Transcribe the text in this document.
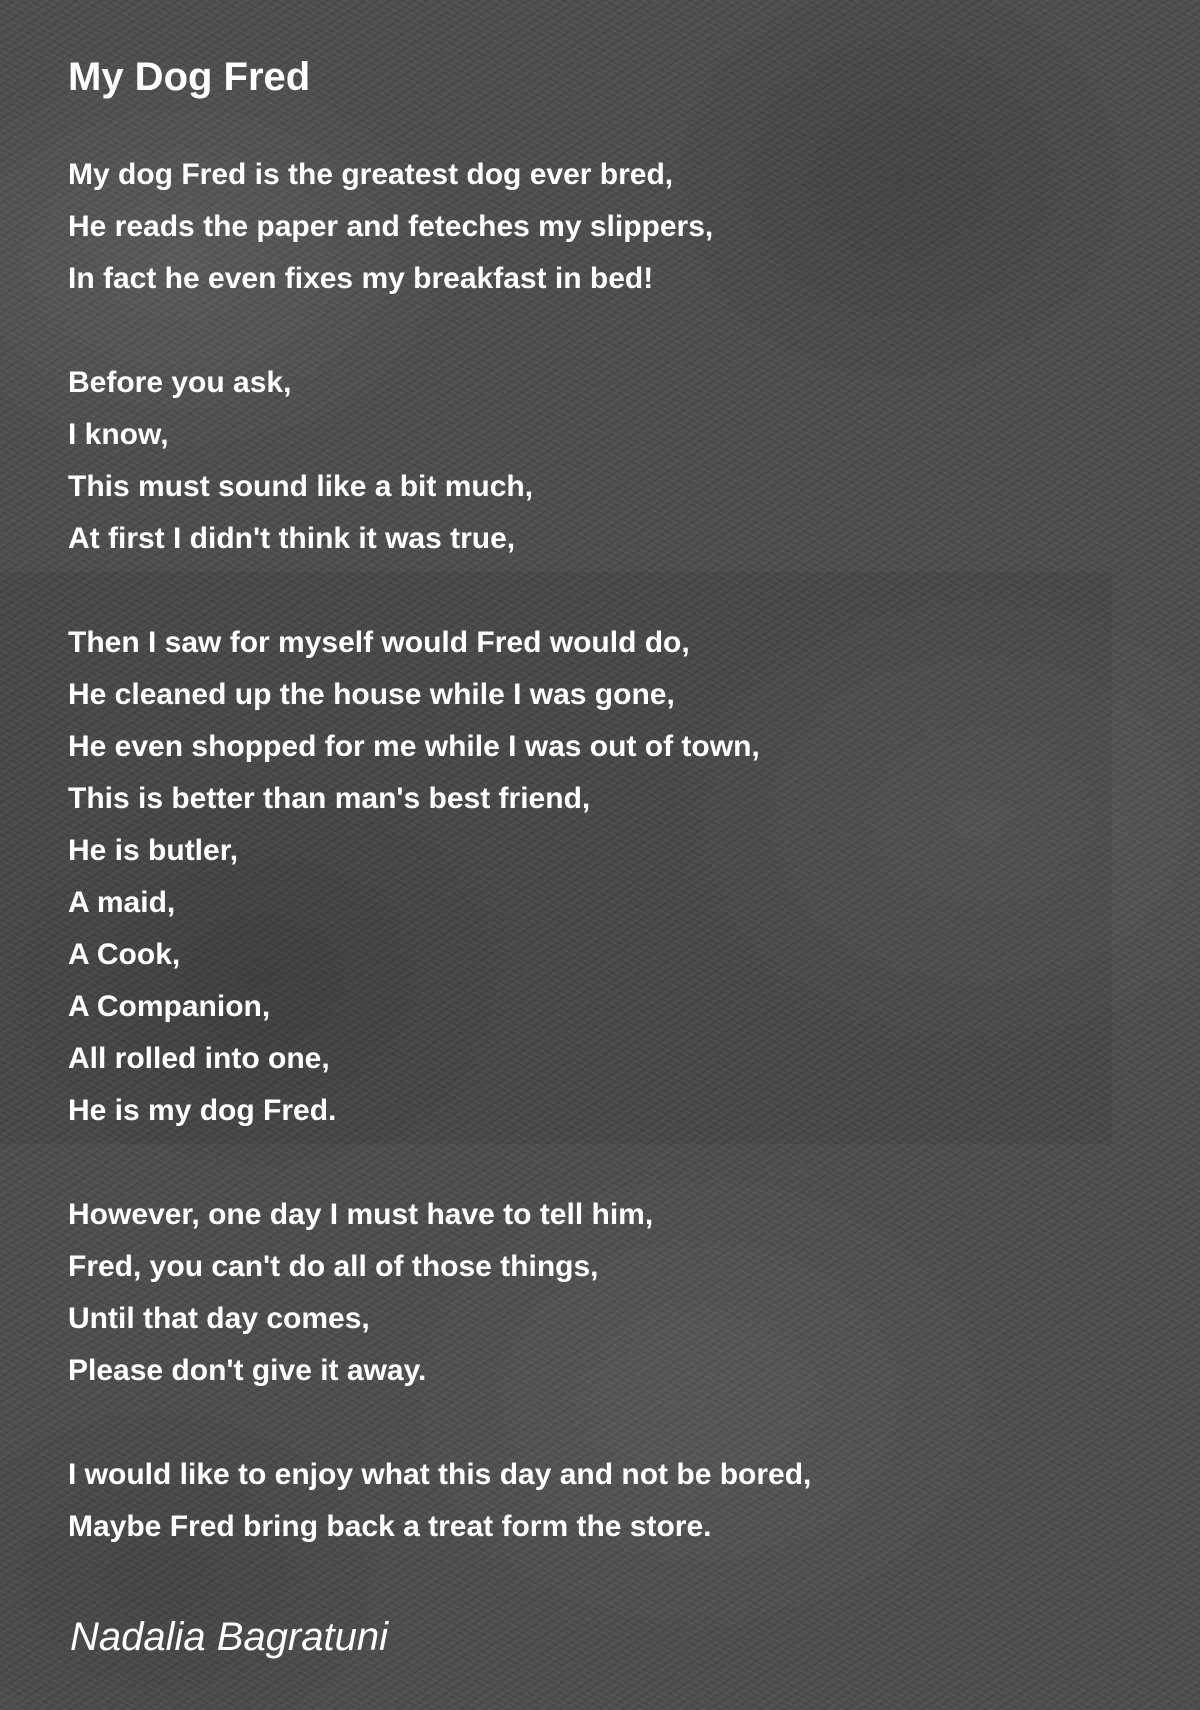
My Dog Fred
My dog Fred is the greatest dog ever bred,
He reads the paper and feteches my slippers,
In fact he even fixes my breakfast in bed!
Before you ask,
I know,
This must sound like a bit much,
At first I didn't think it was true,
Then I saw for myself would Fred would do,
He cleaned up the house while I was gone,
He even shopped for me while I was out of town,
This is better than man's best friend,
He is butler,
A maid,
A Cook,
A Companion,
All rolled into one,
He is my dog Fred.
However, one day I must have to tell him,
Fred, you can't do all of those things,
Until that day comes,
Please don't give it away.
I would like to enjoy what this day and not be bored,
Maybe Fred bring back a treat form the store.
Nadalia Bagratuni
